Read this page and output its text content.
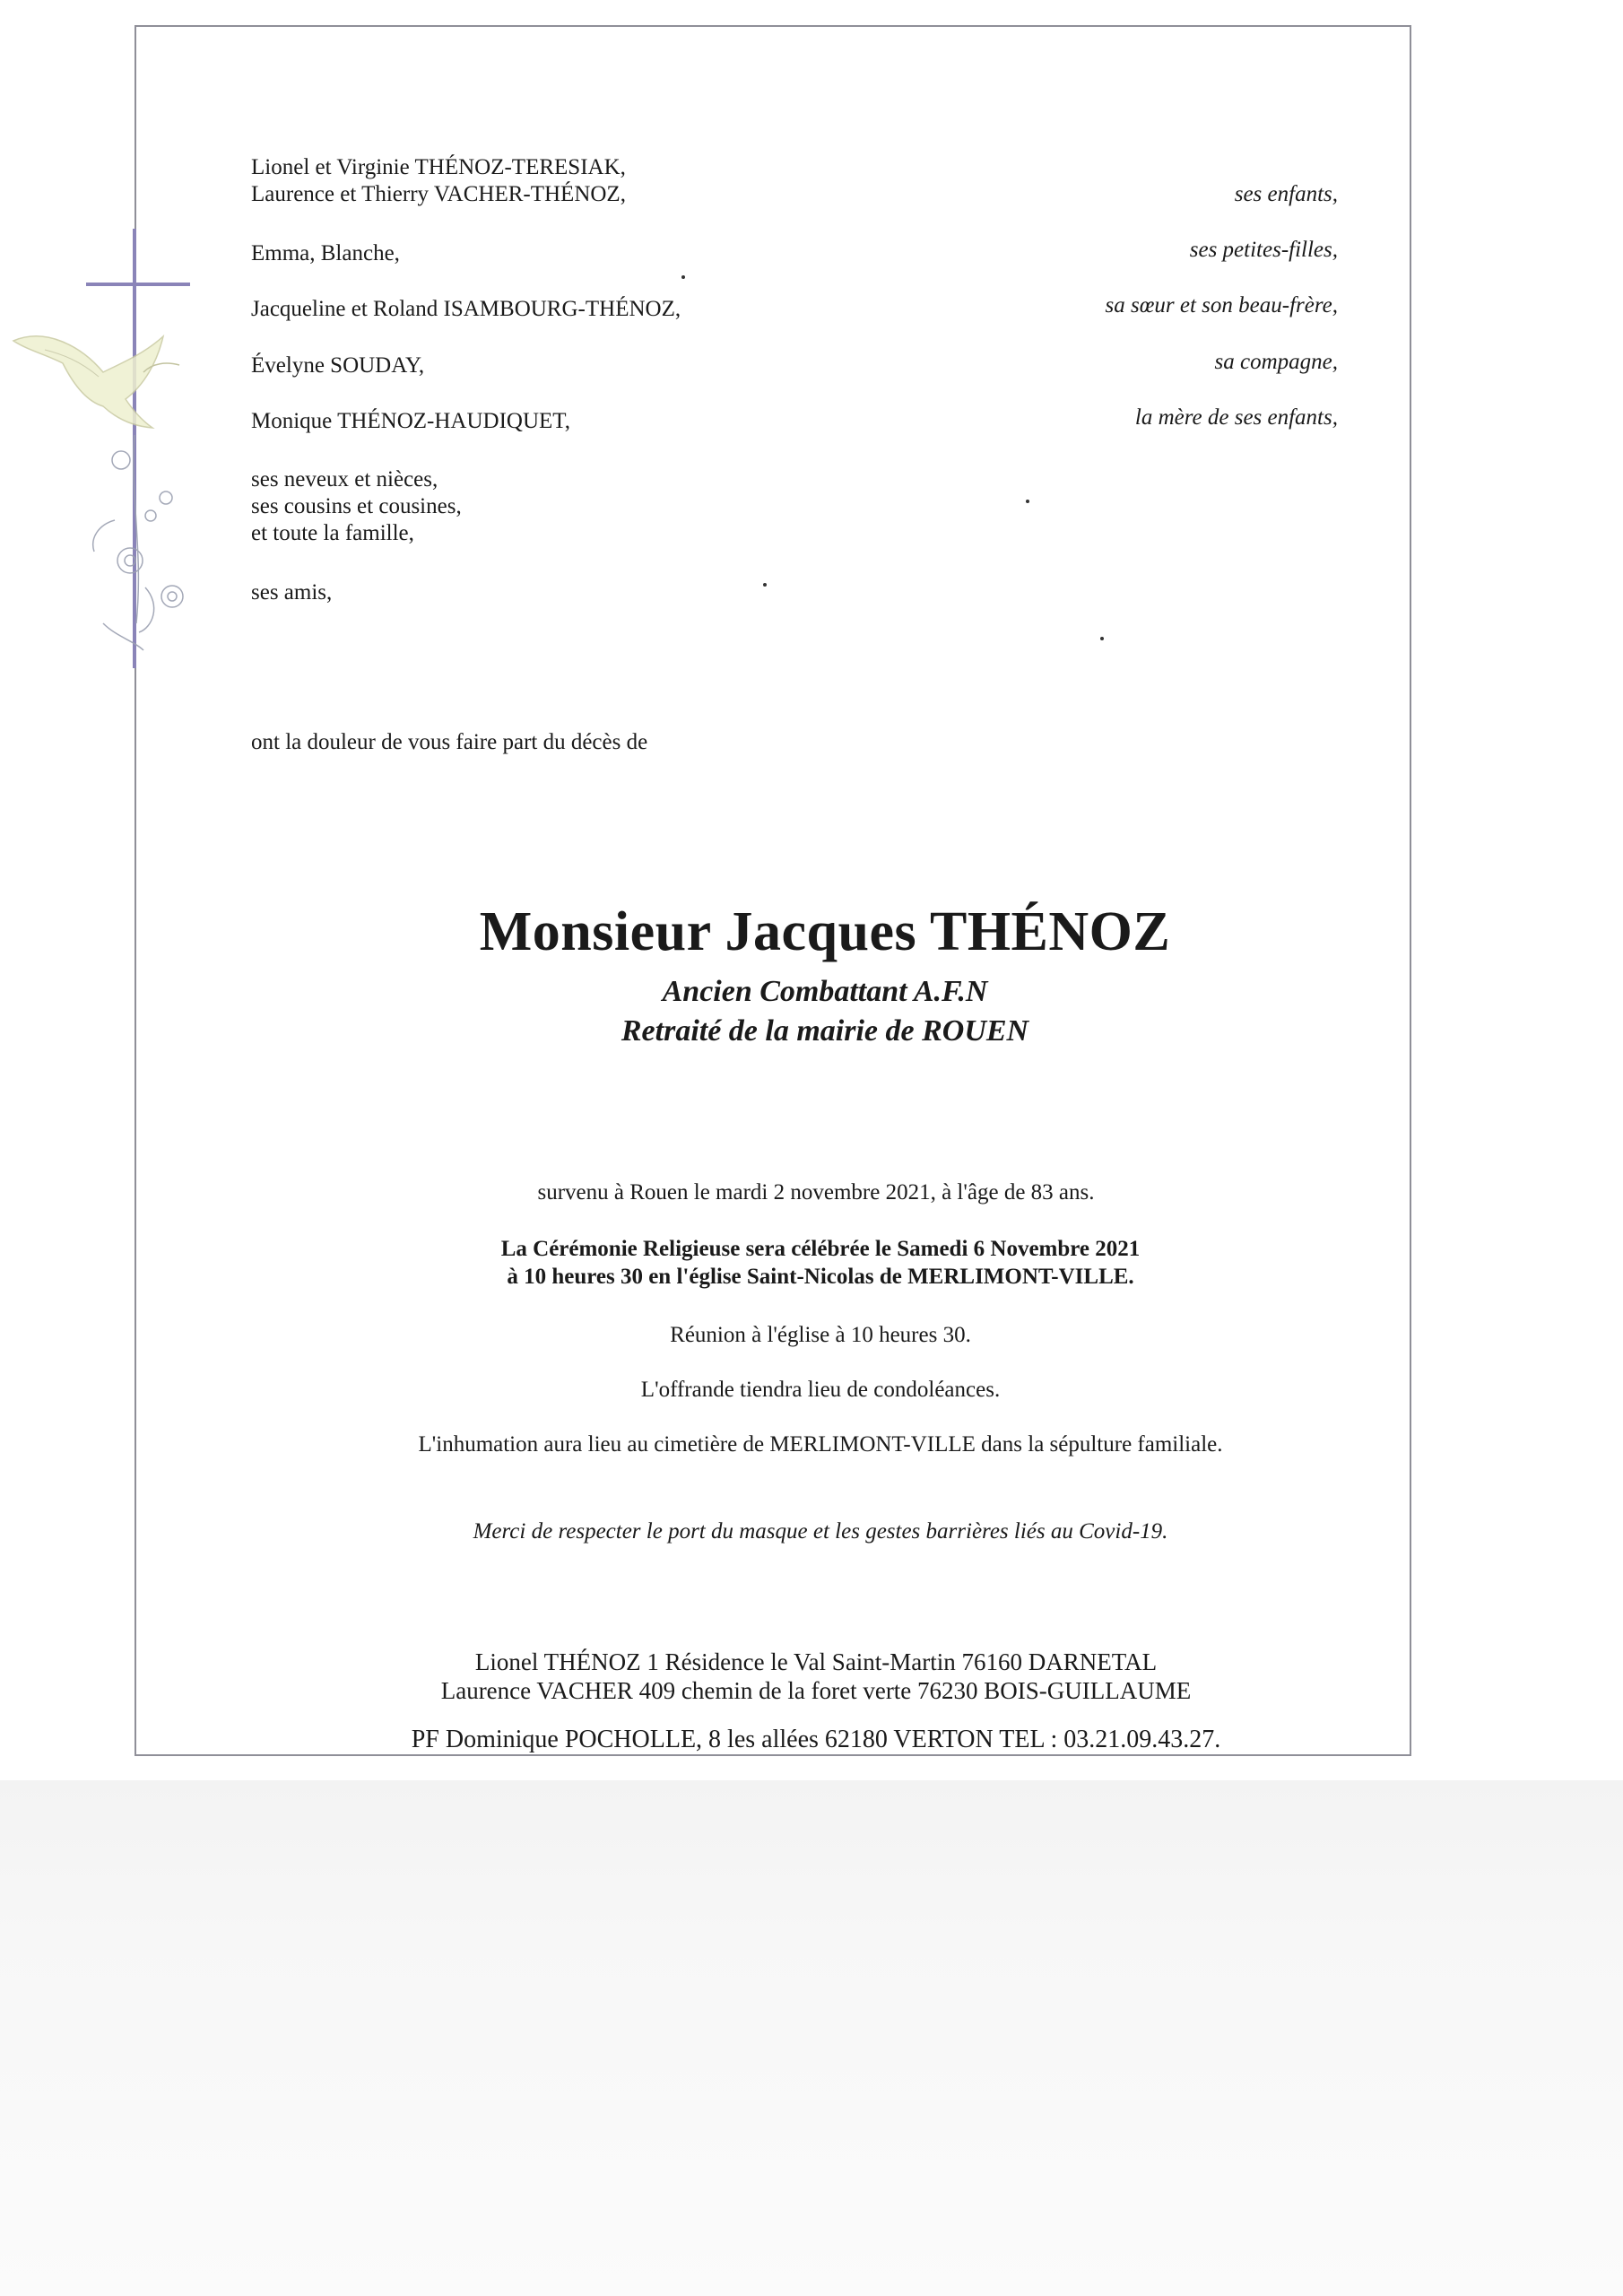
Lionel et Virginie THÉNOZ-TERESIAK,
Laurence et Thierry VACHER-THÉNOZ,	ses enfants,
Emma, Blanche,	ses petites-filles,
Jacqueline et Roland ISAMBOURG-THÉNOZ,	sa sœur et son beau-frère,
Évelyne SOUDAY,	sa compagne,
Monique THÉNOZ-HAUDIQUET,	la mère de ses enfants,
ses neveux et nièces,
ses cousins et cousines,
et toute la famille,
ses amis,
ont la douleur de vous faire part du décès de
Monsieur Jacques THÉNOZ
Ancien Combattant A.F.N
Retraité de la mairie de ROUEN
survenu à Rouen le mardi 2 novembre 2021, à l'âge de 83 ans.
La Cérémonie Religieuse sera célébrée le Samedi 6 Novembre 2021
à 10 heures 30 en l'église Saint-Nicolas de MERLIMONT-VILLE.
Réunion à l'église à 10 heures 30.
L'offrande tiendra lieu de condoléances.
L'inhumation aura lieu au cimetière de MERLIMONT-VILLE dans la sépulture familiale.
Merci de respecter le port du masque et les gestes barrières liés au Covid-19.
Lionel THÉNOZ 1 Résidence le Val Saint-Martin 76160 DARNETAL
Laurence VACHER 409 chemin de la foret verte 76230 BOIS-GUILLAUME
PF Dominique POCHOLLE, 8 les allées 62180 VERTON TEL : 03.21.09.43.27.
